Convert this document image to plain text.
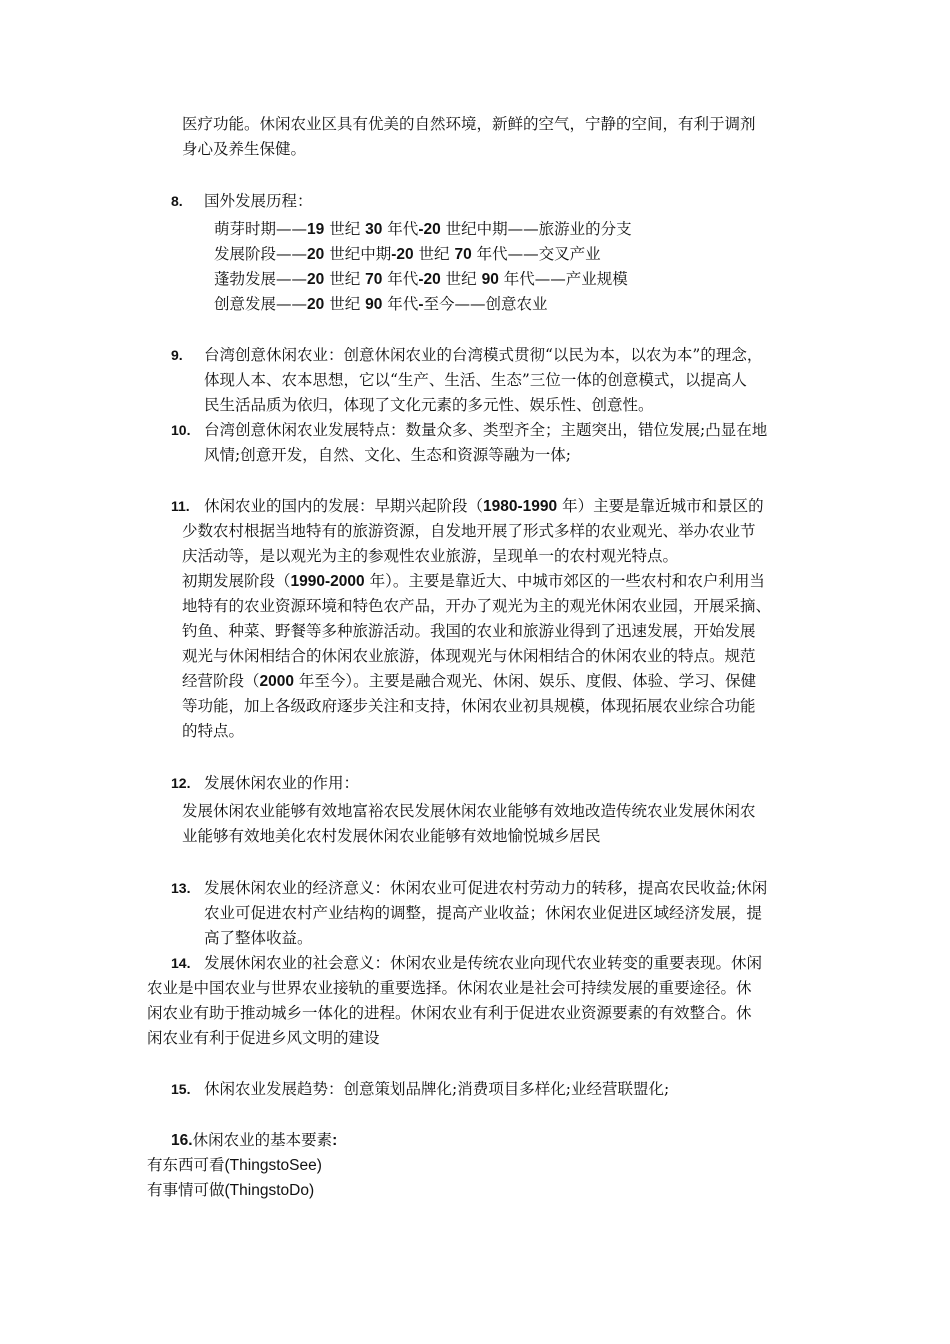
医疗功能。休闲农业区具有优美的自然环境，新鲜的空气，宁静的空间，有利于调剂
身心及养生保健。
8. 国外发展历程：
萌芽时期——19 世纪 30 年代-20 世纪中期——旅游业的分支
发展阶段——20 世纪中期-20 世纪 70 年代——交叉产业
蓬勃发展——20 世纪 70 年代-20 世纪 90 年代——产业规模
创意发展——20 世纪 90 年代-至今——创意农业
9. 台湾创意休闲农业：创意休闲农业的台湾模式贯彻“以民为本，以农为本”的理念，
体现人本、农本思想，它以“生产、生活、生态”三位一体的创意模式，以提高人
民生活品质为依归，体现了文化元素的多元性、娱乐性、创意性。
10. 台湾创意休闲农业发展特点：数量众多、类型齐全；主题突出，错位发展;凸显在地
风情;创意开发，自然、文化、生态和资源等融为一体;
11. 休闲农业的国内的发展：早期兴起阶段（1980-1990 年）主要是靠近城市和景区的
少数农村根据当地特有的旅游资源，自发地开展了形式多样的农业观光、举办农业节
庆活动等，是以观光为主的参观性农业旅游，呈现单一的农村观光特点。
初期发展阶段（1990-2000 年）。主要是靠近大、中城市郊区的一些农村和农户利用当
地特有的农业资源环境和特色农产品，开办了观光为主的观光休闲农业园，开展采摘、
钓鱼、种菜、野餐等多种旅游活动。我国的农业和旅游业得到了迅速发展，开始发展
观光与休闲相结合的休闲农业旅游，体现观光与休闲相结合的休闲农业的特点。规范
经营阶段（2000 年至今）。主要是融合观光、休闲、娱乐、度假、体验、学习、保健
等功能，加上各级政府逐步关注和支持，休闲农业初具规模，体现拓展农业综合功能
的特点。
12. 发展休闲农业的作用：
发展休闲农业能够有效地富裕农民发展休闲农业能够有效地改造传统农业发展休闲农
业能够有效地美化农村发展休闲农业能够有效地愉悦城乡居民
13. 发展休闲农业的经济意义：休闲农业可促进农村劳动力的转移，提高农民收益;休闲
农业可促进农村产业结构的调整，提高产业收益；休闲农业促进区域经济发展，提
高了整体收益。
14. 发展休闲农业的社会意义：休闲农业是传统农业向现代农业转变的重要表现。休闲
农业是中国农业与世界农业接轨的重要选择。休闲农业是社会可持续发展的重要途径。休
闲农业有助于推动城乡一体化的进程。休闲农业有利于促进农业资源要素的有效整合。休
闲农业有利于促进乡风文明的建设
15. 休闲农业发展趋势：创意策划品牌化;消费项目多样化;业经营联盟化;
16.休闲农业的基本要素:
有东西可看(ThingstoSee)
有事情可做(ThingstoDo)
